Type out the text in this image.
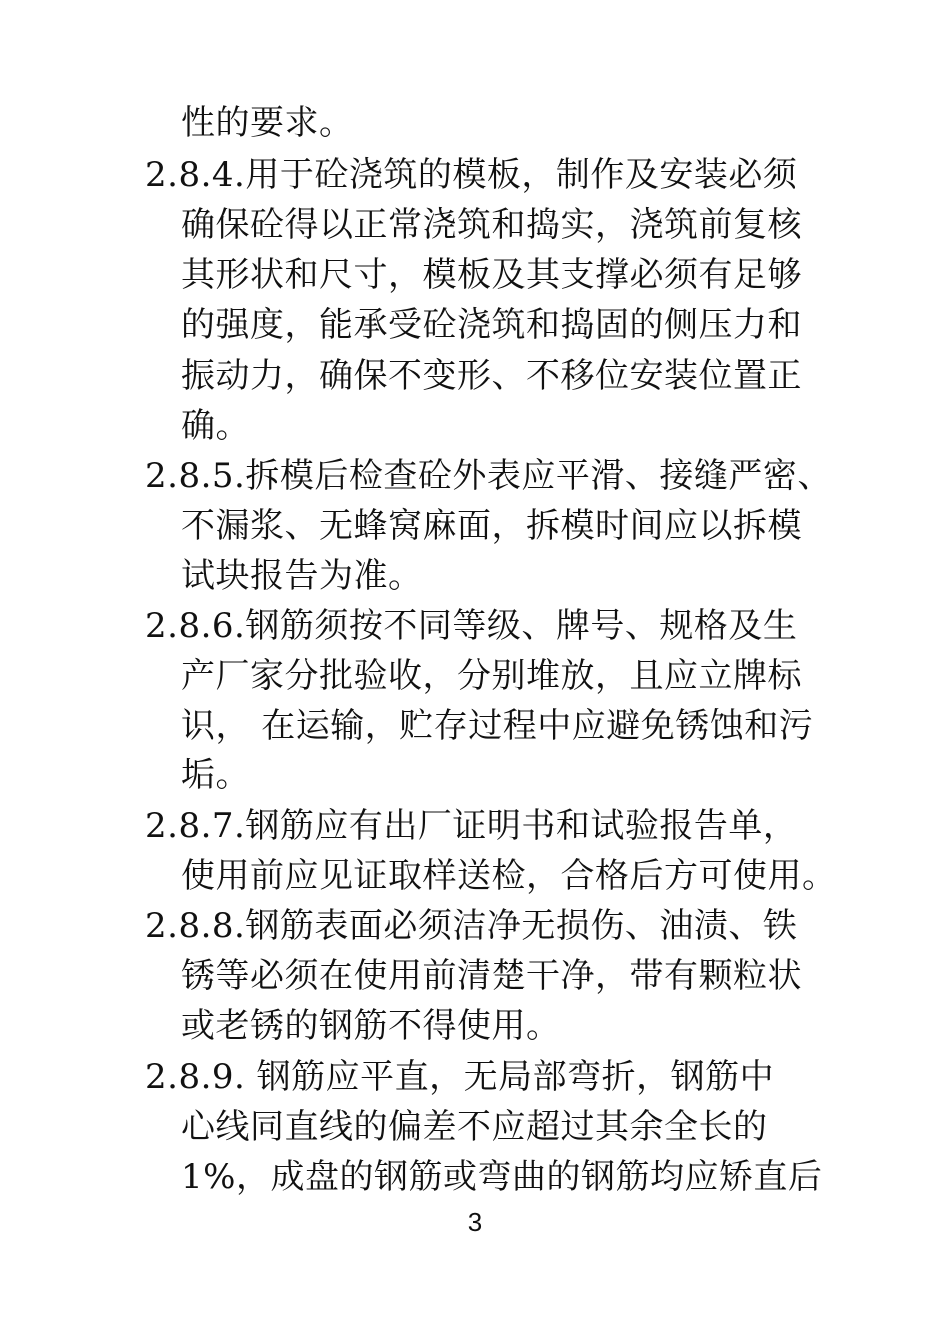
性的要求。
2.8.4.用于砼浇筑的模板，制作及安装必须
确保砼得以正常浇筑和捣实，浇筑前复核
其形状和尺寸，模板及其支撑必须有足够
的强度，能承受砼浇筑和捣固的侧压力和
振动力，确保不变形、不移位安装位置正
确。
2.8.5.拆模后检查砼外表应平滑、接缝严密、
不漏浆、无蜂窝麻面，拆模时间应以拆模
试块报告为准。
2.8.6.钢筋须按不同等级、牌号、规格及生
产厂家分批验收，分别堆放，且应立牌标
识， 在运输，贮存过程中应避免锈蚀和污
垢。
2.8.7.钢筋应有出厂证明书和试验报告单，
使用前应见证取样送检，合格后方可使用。
2.8.8.钢筋表面必须洁净无损伤、油渍、铁
锈等必须在使用前清楚干净，带有颗粒状
或老锈的钢筋不得使用。
2.8.9. 钢筋应平直，无局部弯折，钢筋中
心线同直线的偏差不应超过其余全长的
1%，成盘的钢筋或弯曲的钢筋均应矫直后
3
